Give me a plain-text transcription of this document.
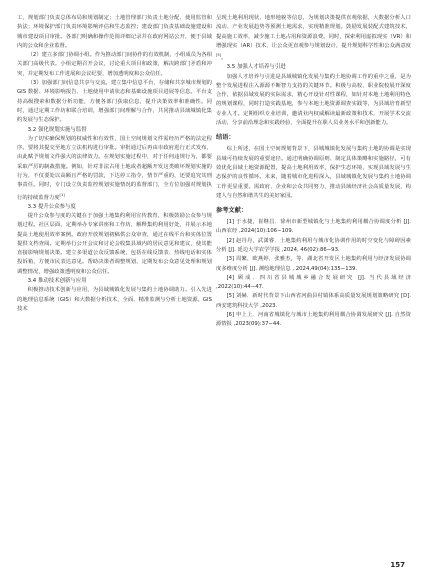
工，规划部门负责总体布局和规划制定；土地管理部门负责土地分配、使用监管和执法；环境保护部门负责环境影响评估和生态监控；建设部门负责基础设施建设和城市建设项目审批。各部门明确和操作范围详细记录并在政府网站公开，便于县域内的公众和企业监督。

（2）建立多部门协调小组。作为推动部门间协作的有效机制，小组成员为各相关部门高级代表。小组定期召开会议，讨论重大项目和政策，解决跨部门矛盾和冲突，并定期发布工作进展和会议纪要，增加透明度和公众信任。

（3）加强部门间信息共享与交流。建立集中信息平台，存储和共享城市规划的 GIS 数据、环境影响报告、土地使用申请状态和基础设施项目进展等信息。平台支持高级搜索和数据分析功能，方便各部门获取信息，提升决策效率和准确性。同时，通过定期工作坊和联合培训，增强部门间理解与合作，共同推动县域城镇化集约发展与生态保护。

3.2 强化规划实施与监督

为了切实确保规划的权威性和有效性，国土空间规划文件需经历严格的法定程序。要将其提交至地方立法机构进行审批。审批通过后再由市政府进行正式发布，由此赋予规划文件强大的法律效力。在规划实施过程中，对于任何违规行为，都要采取严厉的制裁措施。例如，针对非法占用土地或者超额开发这类破坏规划实施的行为，不仅要处以高额且严格的罚款，下达停工指令，情节严重的，还要追究其刑事责任。同时，专门设立负责监控规划实施情况的监督部门，全方位加强对规划执行的持续监督力度[1]

3.3 提升公众参与度

提升公众参与度的关键在于加强土地集约利用宣传教育，积极鼓励公众参与规划过程。社区层面，定期举办专家讲座和工作坊，解释集约利用好处，并展示本地提高土地使用效率案例。政府开放规划初稿供公众审查，通过在线平台和实体位置提供文档查阅。定期举行公开会议和讨论会收集县域内的居民意见和建议，使其能直接影响规划决策。建立多渠道公众反馈系统，包括在线反馈表、热线电话和实体投诉箱，方便市民表达意见。帮助决策者调整规划，定期发布公众意见处理和规划调整情况，增强政策透明度和公众信任。

3.4 推动技术创新与应用

积极推动技术创新与应用，为县域城镇化发展与集约土地协调助力。引入先进的地理信息系统（GIS）和大数据分析技术，全面、精准监测与分析土地资源。GIS 技术

呈现土地利用现状、地形地貌等信息，为规划决策提供直观依据，大数据分析人口流动、产业发展趋势等预测土地需求，实现精准规划。鼓励发展装配式建筑技术，提高施工效率，减少施工土地占用和资源浪费。同时，探索利用虚拟现实（VR）和增强现实（AR）技术，让公众更直观参与规划设计，提升规划科学性和公众满意度[5]。

3.5 加强人才培养与引进

加强人才培养与引进是县域城镇化发展与集约土地协调工作的重中之重，是为整个发展进程注入源源不断智力支持的关键环节。积极与高校、职业院校展开深度合作，依据县域发展的实际需求，精心开设针对性课程，如针对本地土地利用特色的规划课程，同时打造实践基地，参与本地土地资源调查实践等，为县域培育新型专业人才。定期组织专业培训，邀请业内权威解读最新政策和技术，开展学术交流活动，分享前沿理念和实践经验，全面提升在职人员业务水平和创新能力。

结语：

综上所述，在国土空间规划背景下，县城城镇化发展与集约土地的协调是实现县域可持续发展的重要途径。通过明确协调原则、制定具体策略和实施路径，可有效优化县域土地资源配置，提高土地利用效率，保护生态环境，实现县域发展与生态保护的良性循环。未来，随着城市化进程深入，县域城镇化发展与集约土地协调工作更显重要。需政府、企业和公众共同努力，推动县域经济社会高质量发展，构建人与自然和谐共生的美好家园。

参考文献：

[1] 于水捷，崔继昌．徐州市新型城镇化与土地集约利用耦合协调度分析 [J]. 山西农经 ,2024(10):106−109.

[2] 赵丹丹，武潇睿．土地集约利用与城市化协调作用的时空变化与障碍因素分析 [J]. 延边大学农学学报 ,2024, 46(02):86−93.

[3] 周繁，欧燕婷，张雅杰，等．湖北省开发区土地集约利用与经济发展协调度多维度分析 [J]. 测绘地理信息 , 2024,49(04):135−139.

[4] 顾成．四川省县城城乡融合发展研究 [J]. 当代县域经济 ,2022(10):44−47.

[5] 刘赫．新时代背景下山西省河曲县村镇体系高质量发展规划策略研究 [D]. 西安建筑科技大学 ,2023.

[6] 申上上．河南省城镇化与城市土地集约利用耦合协调发展研究 [J]. 自然资源情报 ,2023(09):37−44.

157
